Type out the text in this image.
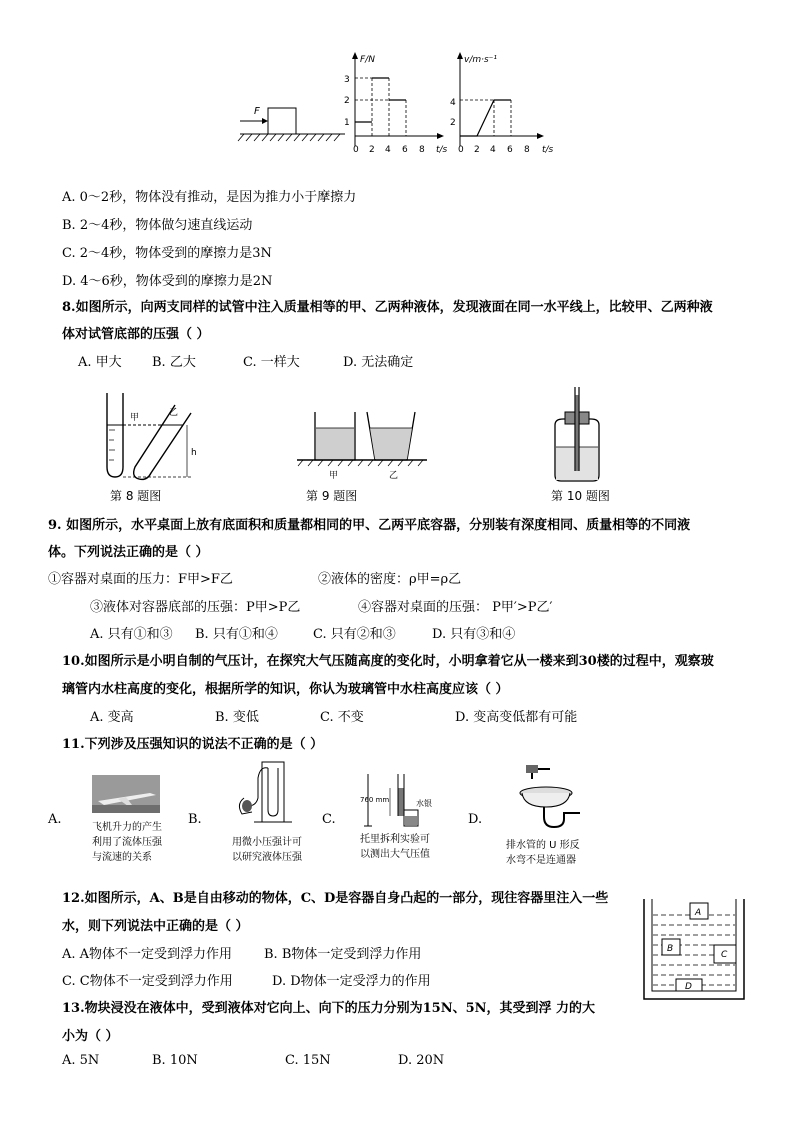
F
F/N
t/s
1
2
3
0 2 4 6 8
v/m·s⁻¹
t/s
2
4
0 2 4 6 8
A. 0～2秒，物体没有推动，是因为推力小于摩擦力
B. 2～4秒，物体做匀速直线运动
C. 2～4秒，物体受到的摩擦力是3N
D. 4～6秒，物体受到的摩擦力是2N
8.如图所示，向两支同样的试管中注入质量相等的甲、乙两种液体，发现液面在同一水平线上，比较甲、乙两种液
体对试管底部的压强（ ）
A. 甲大 B. 乙大	C. 一样大	D. 无法确定
甲	乙
h
第 8 题图
甲	乙
第 9 题图	第 10 题图
9. 如图所示，水平桌面上放有底面积和质量都相同的甲、乙两平底容器，分别装有深度相同、质量相等的不同液
体。下列说法正确的是（ ）
①容器对桌面的压力：F甲>F乙	②液体的密度：ρ甲=ρ乙
③液体对容器底部的压强：P甲>P乙	④容器对桌面的压强： P甲′>P乙′
A. 只有①和③ B. 只有①和④	C. 只有②和③	D. 只有③和④
10.如图所示是小明自制的气压计，在探究大气压随高度的变化时，小明拿着它从一楼来到30楼的过程中，观察玻
璃管内水柱高度的变化，根据所学的知识，你认为玻璃管中水柱高度应该（ ）
A. 变高	B. 变低	C. 不变	D. 变高变低都有可能
11.下列涉及压强知识的说法不正确的是（ ）
A.
飞机升力的产生
利用了流体压强
与流速的关系
B.
用微小压强计可
以研究液体压强
C.
760 mm	水银
托里拆利实验可
以测出大气压值
D.
排水管的 U 形反
水弯不是连通器
12.如图所示，A、B是自由移动的物体，C、D是容器自身凸起的一部分，现往容器里注入一些
水，则下列说法中正确的是（ ）
A. A物体不一定受到浮力作用 B. B物体一定受到浮力作用
C. C物体不一定受到浮力作用	D. D物体一定受浮力的作用
A
B
C
D
13.物块浸没在液体中，受到液体对它向上、向下的压力分别为15N、5N，其受到浮 力的大
小为（ ）
A. 5N	B. 10N	C. 15N	D. 20N
